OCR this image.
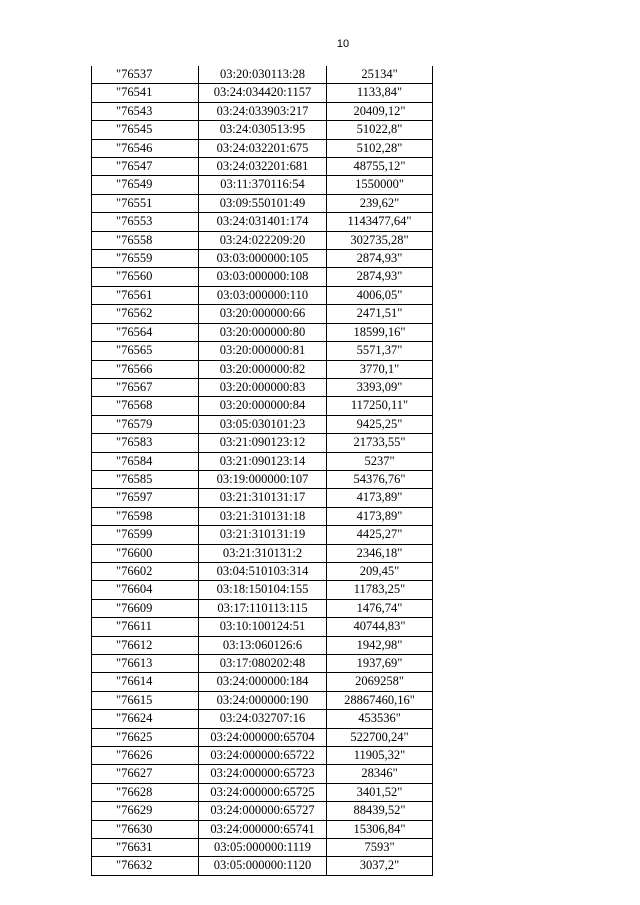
10
"76537	03:20:030113:28	25134"
"76541	03:24:034420:1157	1133,84"
"76543	03:24:033903:217	20409,12"
"76545	03:24:030513:95	51022,8"
"76546	03:24:032201:675	5102,28"
"76547	03:24:032201:681	48755,12"
"76549	03:11:370116:54	1550000"
"76551	03:09:550101:49	239,62"
"76553	03:24:031401:174	1143477,64"
"76558	03:24:022209:20	302735,28"
"76559	03:03:000000:105	2874,93"
"76560	03:03:000000:108	2874,93"
"76561	03:03:000000:110	4006,05"
"76562	03:20:000000:66	2471,51"
"76564	03:20:000000:80	18599,16"
"76565	03:20:000000:81	5571,37"
"76566	03:20:000000:82	3770,1"
"76567	03:20:000000:83	3393,09"
"76568	03:20:000000:84	117250,11"
"76579	03:05:030101:23	9425,25"
"76583	03:21:090123:12	21733,55"
"76584	03:21:090123:14	5237"
"76585	03:19:000000:107	54376,76"
"76597	03:21:310131:17	4173,89"
"76598	03:21:310131:18	4173,89"
"76599	03:21:310131:19	4425,27"
"76600	03:21:310131:2	2346,18"
"76602	03:04:510103:314	209,45"
"76604	03:18:150104:155	11783,25"
"76609	03:17:110113:115	1476,74"
"76611	03:10:100124:51	40744,83"
"76612	03:13:060126:6	1942,98"
"76613	03:17:080202:48	1937,69"
"76614	03:24:000000:184	2069258"
"76615	03:24:000000:190	28867460,16"
"76624	03:24:032707:16	453536"
"76625	03:24:000000:65704	522700,24"
"76626	03:24:000000:65722	11905,32"
"76627	03:24:000000:65723	28346"
"76628	03:24:000000:65725	3401,52"
"76629	03:24:000000:65727	88439,52"
"76630	03:24:000000:65741	15306,84"
"76631	03:05:000000:1119	7593"
"76632	03:05:000000:1120	3037,2"
